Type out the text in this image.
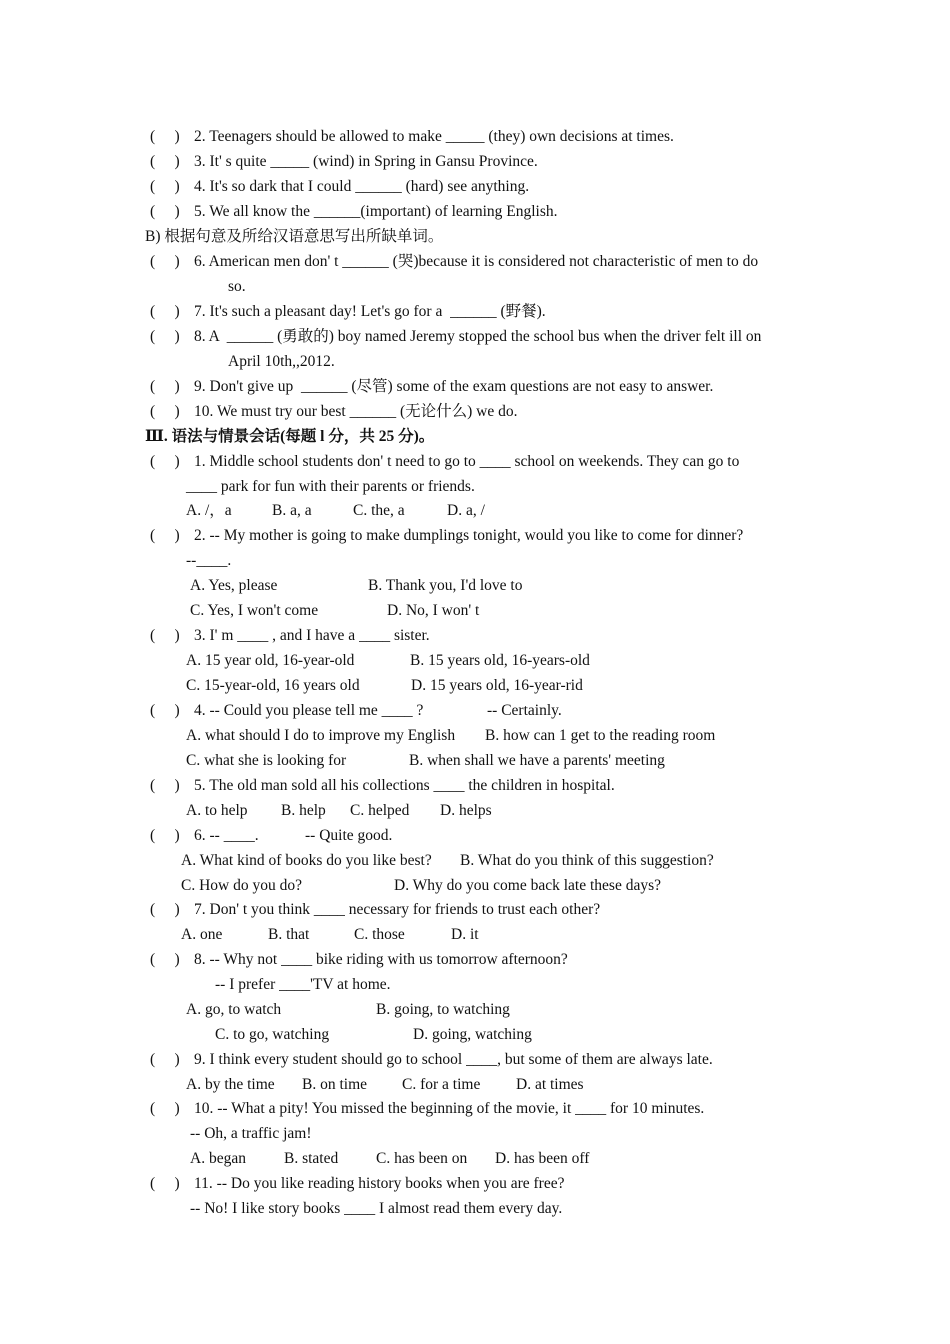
(　 ) 2. Teenagers should be allowed to make _____ (they) own decisions at times.
(　 ) 3. It' s quite _____ (wind) in Spring in Gansu Province.
(　 ) 4. It's so dark that I could ______ (hard) see anything.
(　 ) 5. We all know the ______(important) of learning English.
B) 根据句意及所给汉语意思写出所缺单词。
(　 ) 6. American men don' t ______ (哭)because it is considered not characteristic of men to do
so.
(　 ) 7. It's such a pleasant day! Let's go for a  ______ (野餐).
(　 ) 8. A  ______ (勇敢的) boy named Jeremy stopped the school bus when the driver felt ill on
April 10th,,2012.
(　 ) 9. Don't give up  ______ (尽管) some of the exam questions are not easy to answer.
(　 ) 10. We must try our best ______ (无论什么) we do.
Ⅲ. 语法与情景会话(每题 l 分，共 25 分)。
(　 ) 1. Middle school students don' t need to go to ____ school on weekends. They can go to
____ park for fun with their parents or friends.
A. /，a	B. a, a	C. the, a	D. a, /
(　 ) 2. -- My mother is going to make dumplings tonight, would you like to come for dinner?
--____.
A. Yes, please	B. Thank you, I'd love to
C. Yes, I won't come	D. No, I won' t
(　 ) 3. I' m ____ , and I have a ____ sister.
A. 15 year old, 16-year-old	B. 15 years old, 16-years-old
C. 15-year-old, 16 years old	D. 15 years old, 16-year-rid
(　 ) 4. -- Could you please tell me ____ ?	-- Certainly.
A. what should I do to improve my English B. how can 1 get to the reading room
C. what she is looking for	B. when shall we have a parents' meeting
(　 ) 5. The old man sold all his collections ____ the children in hospital.
A. to help B. help C. helped D. helps
(　 ) 6. -- ____.	-- Quite good.
A. What kind of books do you like best? B. What do you think of this suggestion?
C. How do you do?	D. Why do you come back late these days?
(　 ) 7. Don' t you think ____ necessary for friends to trust each other?
A. one	B. that	C. those	D. it
(　 ) 8. -- Why not ____ bike riding with us tomorrow afternoon?
-- I prefer ____'TV at home.
A. go, to watch	B. going, to watching
C. to go, watching	D. going, watching
(　 ) 9. I think every student should go to school ____, but some of them are always late.
A. by the time B. on time C. for a time D. at times
(　 ) 10. -- What a pity! You missed the beginning of the movie, it ____ for 10 minutes.
-- Oh, a traffic jam!
A. began B. stated C. has been on D. has been off
(　 ) 11. -- Do you like reading history books when you are free?
-- No! I like story books ____ I almost read them every day.
